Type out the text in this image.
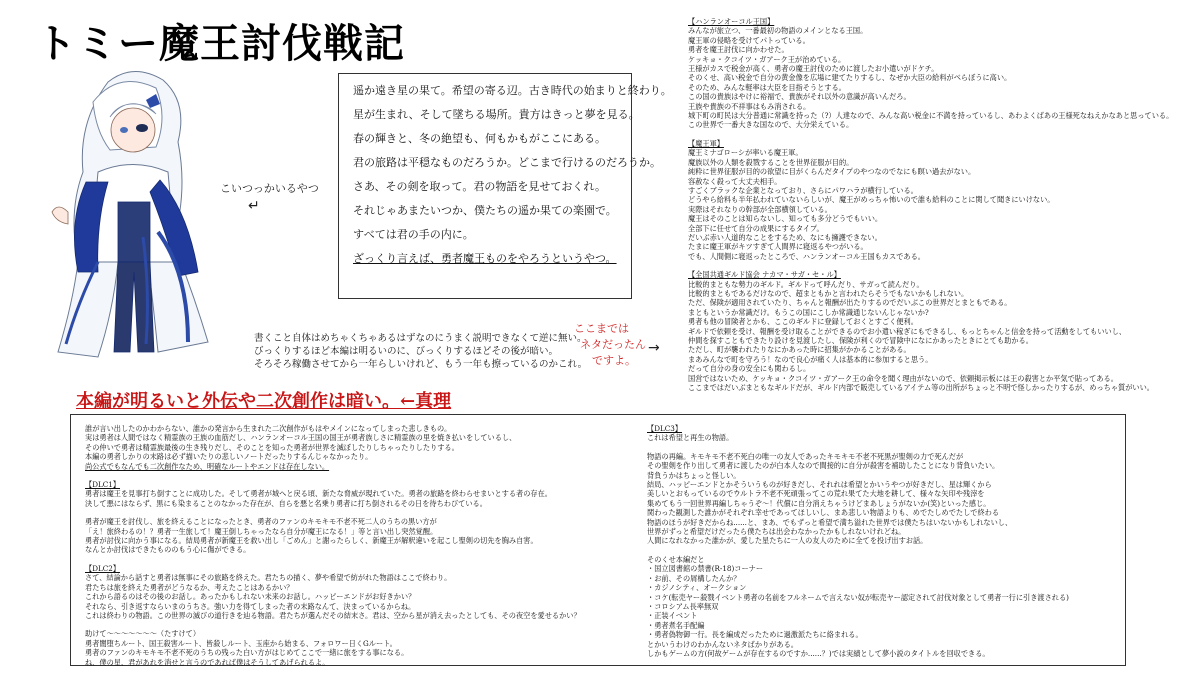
トミー魔王討伐戦記
こいつっかいるやつ
↵
遥か遠き星の果て。希望の寄る辺。古き時代の始まりと終わり。
星が生まれ、そして墜ちる場所。貴方はきっと夢を見る。
春の輝きと、冬の絶望も、何もかもがここにある。
君の旅路は平穏なものだろうか。どこまで行けるのだろうか。
さあ、その剣を取って。君の物語を見せておくれ。
それじゃあまたいつか、僕たちの遥か果ての楽園で。
すべては君の手の内に。
ざっくり言えば、勇者魔王ものをやろうというやつ。
書くこと自体はめちゃくちゃあるはずなのにうまく説明できなくて逆に無い。
びっくりするほど本編は明るいのに、びっくりするほどその後が暗い。
そろそろ稼働させてから一年らしいけれど、もう一年も擦っているのかこれ。
ここまでは
ネタだったん
ですよ。
→
本編が明るいと外伝や二次創作は暗い。←真理
【ハンランオーコル王国】
みんなが旅立つ、一番最初の物語のメインとなる王国。
魔王軍の侵略を受けてパトっている。
勇者を魔王討伐に向かわせた。
ケッキョ・クコイツ・ガアーク王が治めている。
王様がカスで税金が高く、勇者の魔王討伐のために渡したお小遣いがドケチ。
そのくせ、高い税金で自分の黄金像を広場に建てたりするし、なぜか大臣の給料がべらぼうに高い。
そのため、みんな軽率は大臣を目指そうとする。
この国の貴族はやけに裕福で、貴族がそれ以外の意識が高いんだろ。
王族や貴族の不祥事はもみ消される。
城下町の町民は大分普通に常識を持った（?）人達なので、みんな高い税金に不満を持っているし、あわよくばあの王様死なねえかなあと思っている。
この世界で一番大きな国なので、大分栄えている。
【魔王軍】
魔王ミナゴローシが率いる魔王軍。
魔族以外の人類を殺戮することを世界征服が目的。
純粋に世界征服が目的の欲望に目がくらんだタイプのやつなのでなにも瞑い過去がない。
容赦なく殺って大丈夫相手。
すごくブラックな企業となっており、さらにパワハラが横行している。
どうやら給料も半年払われていないらしいが、魔王がめっちゃ怖いので誰も給料のことに関して聞きにいけない。
実際はそれなりの幹部が全部横領している。
魔王はそのことは知らないし、知っても多分どうでもいい。
全部下に任せて自分の成果にするタイプ。
だいぶ赤い人道的なことをするため、なにも擁護できない。
たまに魔王軍がキツすぎて人間界に寝返るやつがいる。
でも、人間側に寝返ったところで、ハンランオーコル王国もカスである。
【全国共通ギルド協会 ナカマ・サガ・セ・ル】
比較的まともな勢力のギルド。ギルドって呼んだり、サガって読んだり。
比較的まともであるだけなので、超まともかと言われたらそうでもないかもしれない。
ただ、保険が適用されていたり、ちゃんと報酬が出たりするのでだいぶこの世界だとまともである。
まともというか常識だけ。もうこの国にこしか常識通じないんじゃないか?
勇者も他の冒険者とかも、ここのギルドに登録しておくとすごく便利。
ギルドで依頼を受け、報酬を受け取ることができるのでお小遣い稼ぎにもできるし、もっとちゃんと信金を持って活動をしてもいいし、
仲間を探すこともできたり設けを見渡したし、保険が利くので冒険中になにかあったときにとても助かる。
ただし、町が襲われたりなにかあった時に招集がかかることがある。
まあみんなで町を守ろう！なので良心が痛く人は基本的に参加すると思う。
だって自分の身の安全にも関わるし。
国営ではないため、ケッキョ・クコイツ・ガアーク王の命令を聞く理由がないので、依頼掲示板には王の殺害とか平気で貼ってある。
ここまではだいぶまともなギルドだが、ギルド内部で販売しているアイテム等の出所がちょっと不明で怪しかったりするが、めっちゃ質がいい。
誰が言い出したのかわからない、誰かの発言から生まれた二次創作がもはやメインになってしまった悲しきもの。
実は勇者は人間ではなく精霊族の王族の血筋だし、ハンランオーコル王国の国王が勇者族しさに精霊族の里を焼き払いをしているし、
その仲いで勇者は精霊族最後の生き残りだし、そのことを知った勇者が世界を滅ぼしたりしちゃったりしたりする。
本編の勇者しかりの末路は必ず描いたりの悲しいノートだったりするんじゃなかったり。
尚公式でもなんでも二次創作なため、明確なルートやエンドは存在しない。
【DLC1】
勇者は魔王を見事打ち倒すことに成功した。そして勇者が城へと戻る頃、新たな脅威が現れていた。勇者の旅路を終わらせまいとする者の存在。
決して悪にはならず、黒にも染まることのなかった存在が、自らを悪と名乗り勇者に打ち倒されるその日を待ちわびている。
勇者が魔王を討伐し、旅を終えることになったとき、勇者のファンのキモキモ不老不死二人のうちの黒い方が
「え！旅終わるの！？勇者一生旅して！魔王倒しちゃったなら自分が魔王になる！」等と言い出し突然覚醒。
勇者が討伐に向かう事になる。結局勇者が新魔王を救い出し「ごめん」と謝ったらしく、新魔王が解釈違いを起こし聖剣の切先を胸み自害。
なんとか討伐はできたもののもう心に傷ができる。
【DLC2】
さて、結論から話すと勇者は無事にその旅路を終えた。君たちの描く、夢や希望で紡がれた物語はここで終わり。
君たちは旅を終えた勇者がどうなるか、考えたことはあるかい？
これから語るのはその後のお話し。あったかもしれない未来のお話し。ハッピーエンドがお好きかい？
それなら、引き返すならいまのうちさ。強い力を得てしまった者の末路なんて、決まっているからね。
これは終わりの物語。この世界の滅びの道行きを辿る物語。君たちが選んだその結末さ。君は、空から星が消え去ったとしても、その夜空を愛せるかい？
助けて～～～～～～～（たすけて）
勇者闇堕ちルート、国王殺害ルート、皆殺しルート、玉座から始まる、フォロワー日くGルート。
勇者のファンのキモキモ不老不死のうちの残った白い方がはじめてここで一緒に旅をする事になる。
ね、僕の星、君があれを消せと言うのであれば僕はそうしてあげられるよ。
【DLC3】
これは希望と再生の物語。
物語の再編。キモキモ不老不死白の唯一の友人であったキモキモ不老不死黒が聖剣の力で死んだが
その聖剣を作り出して勇者に渡したのが白本人なので間接的に自分が殺害を補助したことになり背負いたい。
背負うかはちょっと怪しい。
結局、ハッピーエンドとかそういうものが好きだし、それれは希望とかいうやつが好きだし、星は輝くから
美しいとおもっているのでウルトラ不老不死頑張ってこの荒れ果てた大地を耕して、様々な矢印や残滓を
集めてもう一回世界再編しちゃうぞ～！代償に自分消えちゃうけどまあしょうがないか(笑)といった感じ。
関わった観測した誰かがそれぞれ幸せであってほしいし、まあ悲しい物語よりも、めでたしめでたしで終わる
物語のほうが好きだからね......と、まあ、でもずっと希望で満ち溢れた世界では僕たちはいないかもしれないし、
世界がずっと希望だけだったら僕たちは出会わなかったかもしれないけれどね。
人間になれなかった誰かが、愛した星たちに一人の友人のために全てを投げ出すお話。
そのくせ本編だと
・国立図書館の禁書(R-18)コーナー
・お前、その屑構したんか？
・カジノシティ、オークション
・コケ(転売ヤー殺戮イベント勇者の名前をフルネームで言えない奴が転売ヤー認定されて討伐対象として勇者一行に引き渡される)
・コロシアム長率無双
・正装イベント
・勇者煮名手配編
・勇者偽物御一行。長を編成だったために過激派たちに絡まれる。
とかいうわけのわかんないネタばかりがある。
しかもゲームの方(何故ゲームが存在するのですか......？)では実績として夢小説のタイトルを回収できる。
